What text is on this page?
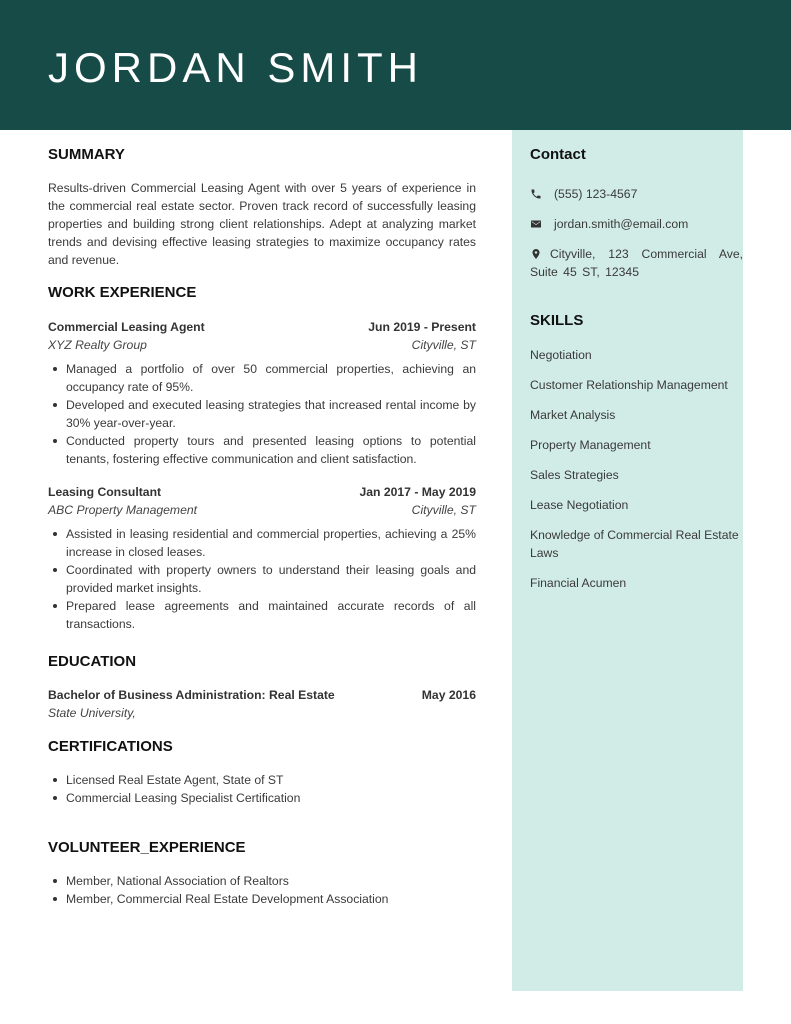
JORDAN SMITH
SUMMARY

Results-driven Commercial Leasing Agent with over 5 years of experience in the commercial real estate sector. Proven track record of successfully leasing properties and building strong client relationships. Adept at analyzing market trends and devising effective leasing strategies to maximize occupancy rates and revenue.

WORK EXPERIENCE
Commercial Leasing Agent	Jun 2019 - Present
XYZ Realty Group	Cityville, ST
Managed a portfolio of over 50 commercial properties, achieving an occupancy rate of 95%.
Developed and executed leasing strategies that increased rental income by 30% year-over-year.
Conducted property tours and presented leasing options to potential tenants, fostering effective communication and client satisfaction.
Leasing Consultant	Jan 2017 - May 2019
ABC Property Management	Cityville, ST
Assisted in leasing residential and commercial properties, achieving a 25% increase in closed leases.
Coordinated with property owners to understand their leasing goals and provided market insights.
Prepared lease agreements and maintained accurate records of all transactions.
EDUCATION
Bachelor of Business Administration: Real Estate	May 2016
State University,
CERTIFICATIONS
Licensed Real Estate Agent, State of ST
Commercial Leasing Specialist Certification
VOLUNTEER_EXPERIENCE
Member, National Association of Realtors
Member, Commercial Real Estate Development Association
Contact
(555) 123-4567
jordan.smith@email.com
Cityville, 123 Commercial Ave, Suite 45 ST, 12345
SKILLS
Negotiation
Customer Relationship Management
Market Analysis
Property Management
Sales Strategies
Lease Negotiation
Knowledge of Commercial Real Estate Laws
Financial Acumen
